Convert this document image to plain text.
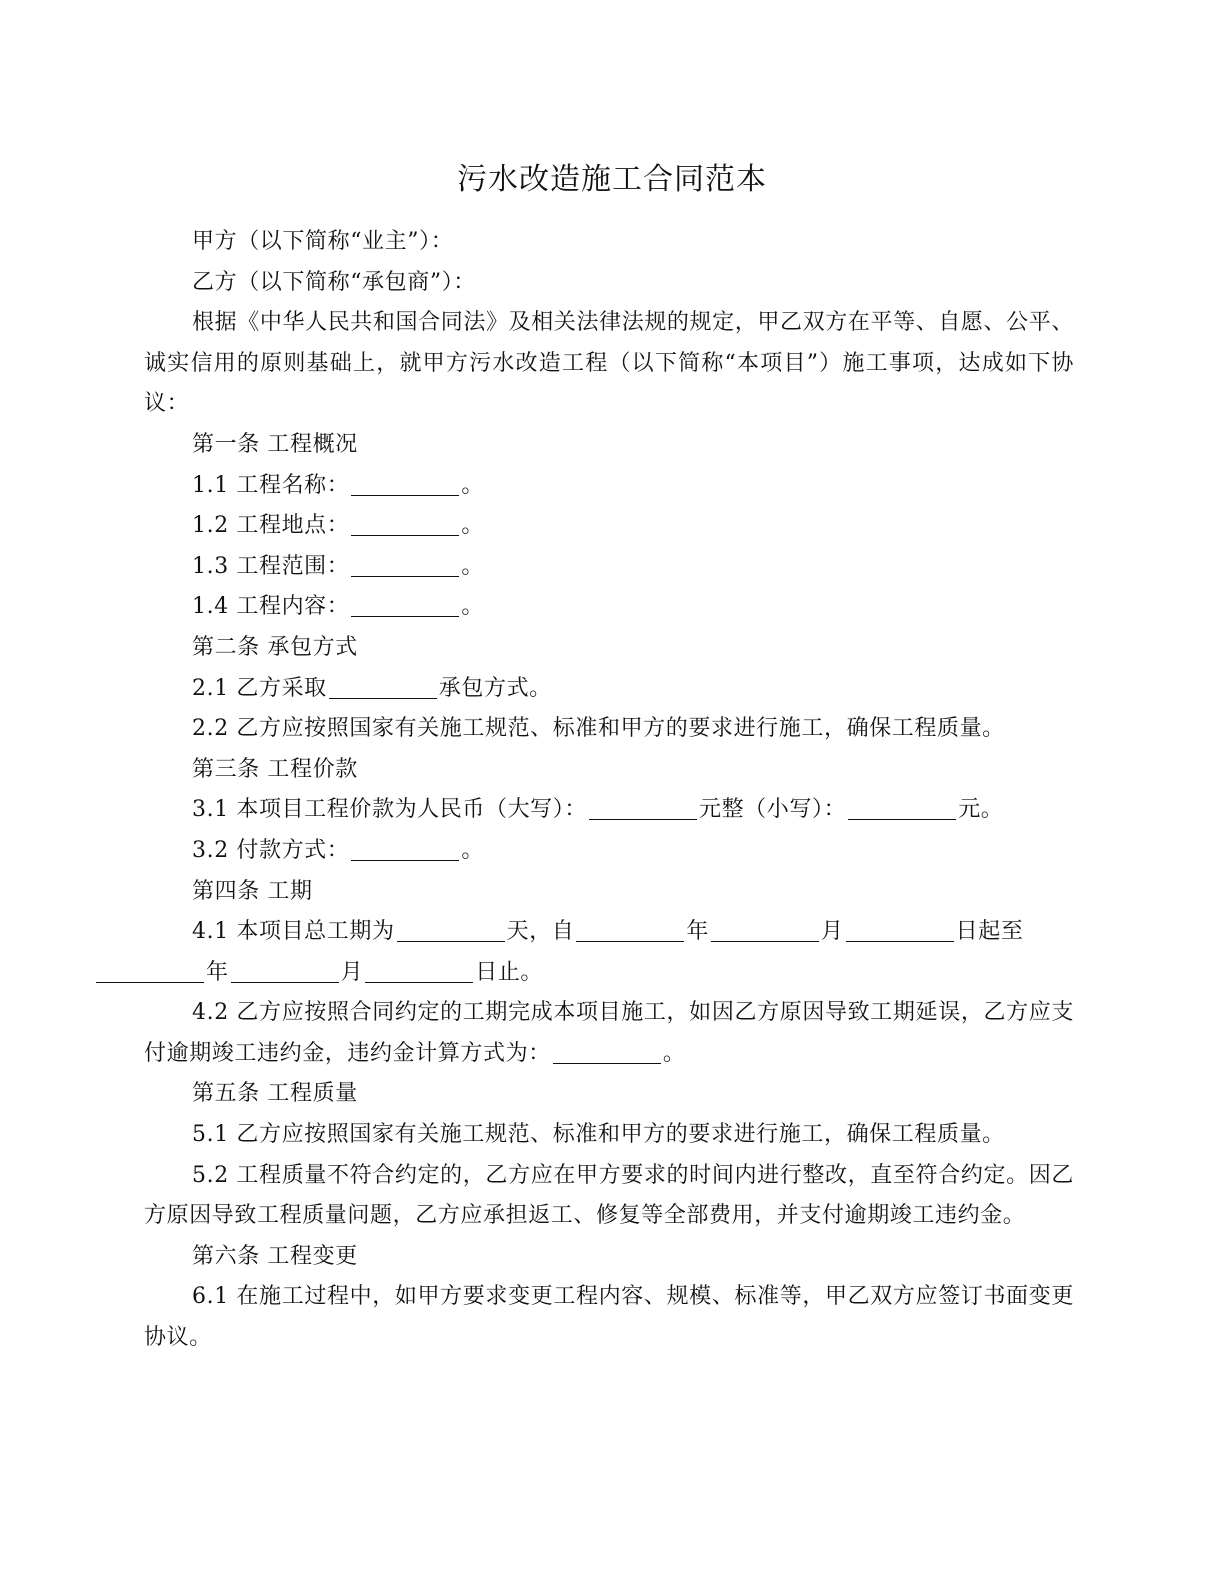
污水改造施工合同范本

甲方（以下简称“业主”）：

乙方（以下简称“承包商”）：

根据《中华人民共和国合同法》及相关法律法规的规定，甲乙双方在平等、自愿、公平、诚实信用的原则基础上，就甲方污水改造工程（以下简称“本项目”）施工事项，达成如下协议：

第一条 工程概况

1.1 工程名称：	。

1.2 工程地点：	。

1.3 工程范围：	。

1.4 工程内容：	。

第二条 承包方式

2.1 乙方采取	承包方式。

2.2 乙方应按照国家有关施工规范、标准和甲方的要求进行施工，确保工程质量。

第三条 工程价款

3.1 本项目工程价款为人民币（大写）：	元整（小写）：	元。

3.2 付款方式：	。

第四条 工期

4.1 本项目总工期为	天，自	年	月	日起至
年	月	日止。

4.2 乙方应按照合同约定的工期完成本项目施工，如因乙方原因导致工期延误，乙方应支付逾期竣工违约金，违约金计算方式为：	。

第五条 工程质量

5.1 乙方应按照国家有关施工规范、标准和甲方的要求进行施工，确保工程质量。

5.2 工程质量不符合约定的，乙方应在甲方要求的时间内进行整改，直至符合约定。因乙方原因导致工程质量问题，乙方应承担返工、修复等全部费用，并支付逾期竣工违约金。

第六条 工程变更

6.1 在施工过程中，如甲方要求变更工程内容、规模、标准等，甲乙双方应签订书面变更协议。
